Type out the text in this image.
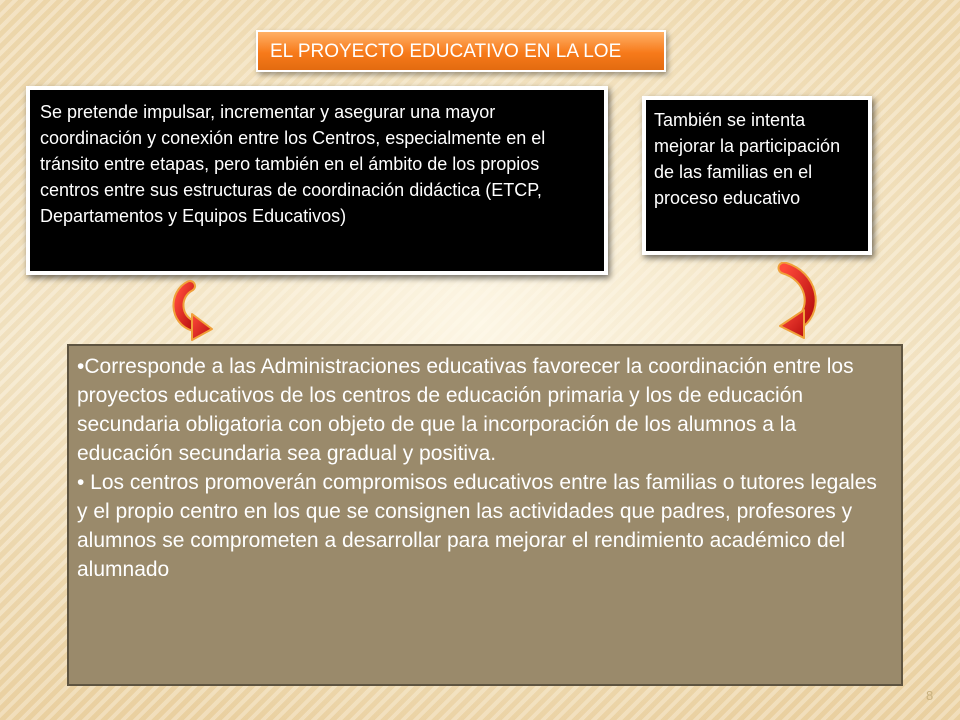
EL PROYECTO EDUCATIVO EN LA LOE
Se pretende impulsar, incrementar y asegurar una mayor coordinación y conexión entre los Centros, especialmente en el tránsito entre etapas, pero también en el ámbito de los propios centros entre sus estructuras de coordinación didáctica (ETCP, Departamentos y Equipos Educativos)
También se intenta mejorar la participación de las familias en el proceso educativo

•Corresponde a las Administraciones educativas favorecer la coordinación entre los proyectos educativos de los centros de educación primaria y los de educación secundaria obligatoria con objeto de que la incorporación de los alumnos a la educación secundaria sea gradual y positiva.

• Los centros promoverán compromisos educativos entre las familias o tutores legales y el propio centro en los que se consignen las actividades que padres, profesores y alumnos se comprometen a desarrollar para mejorar el rendimiento académico del alumnado

8
